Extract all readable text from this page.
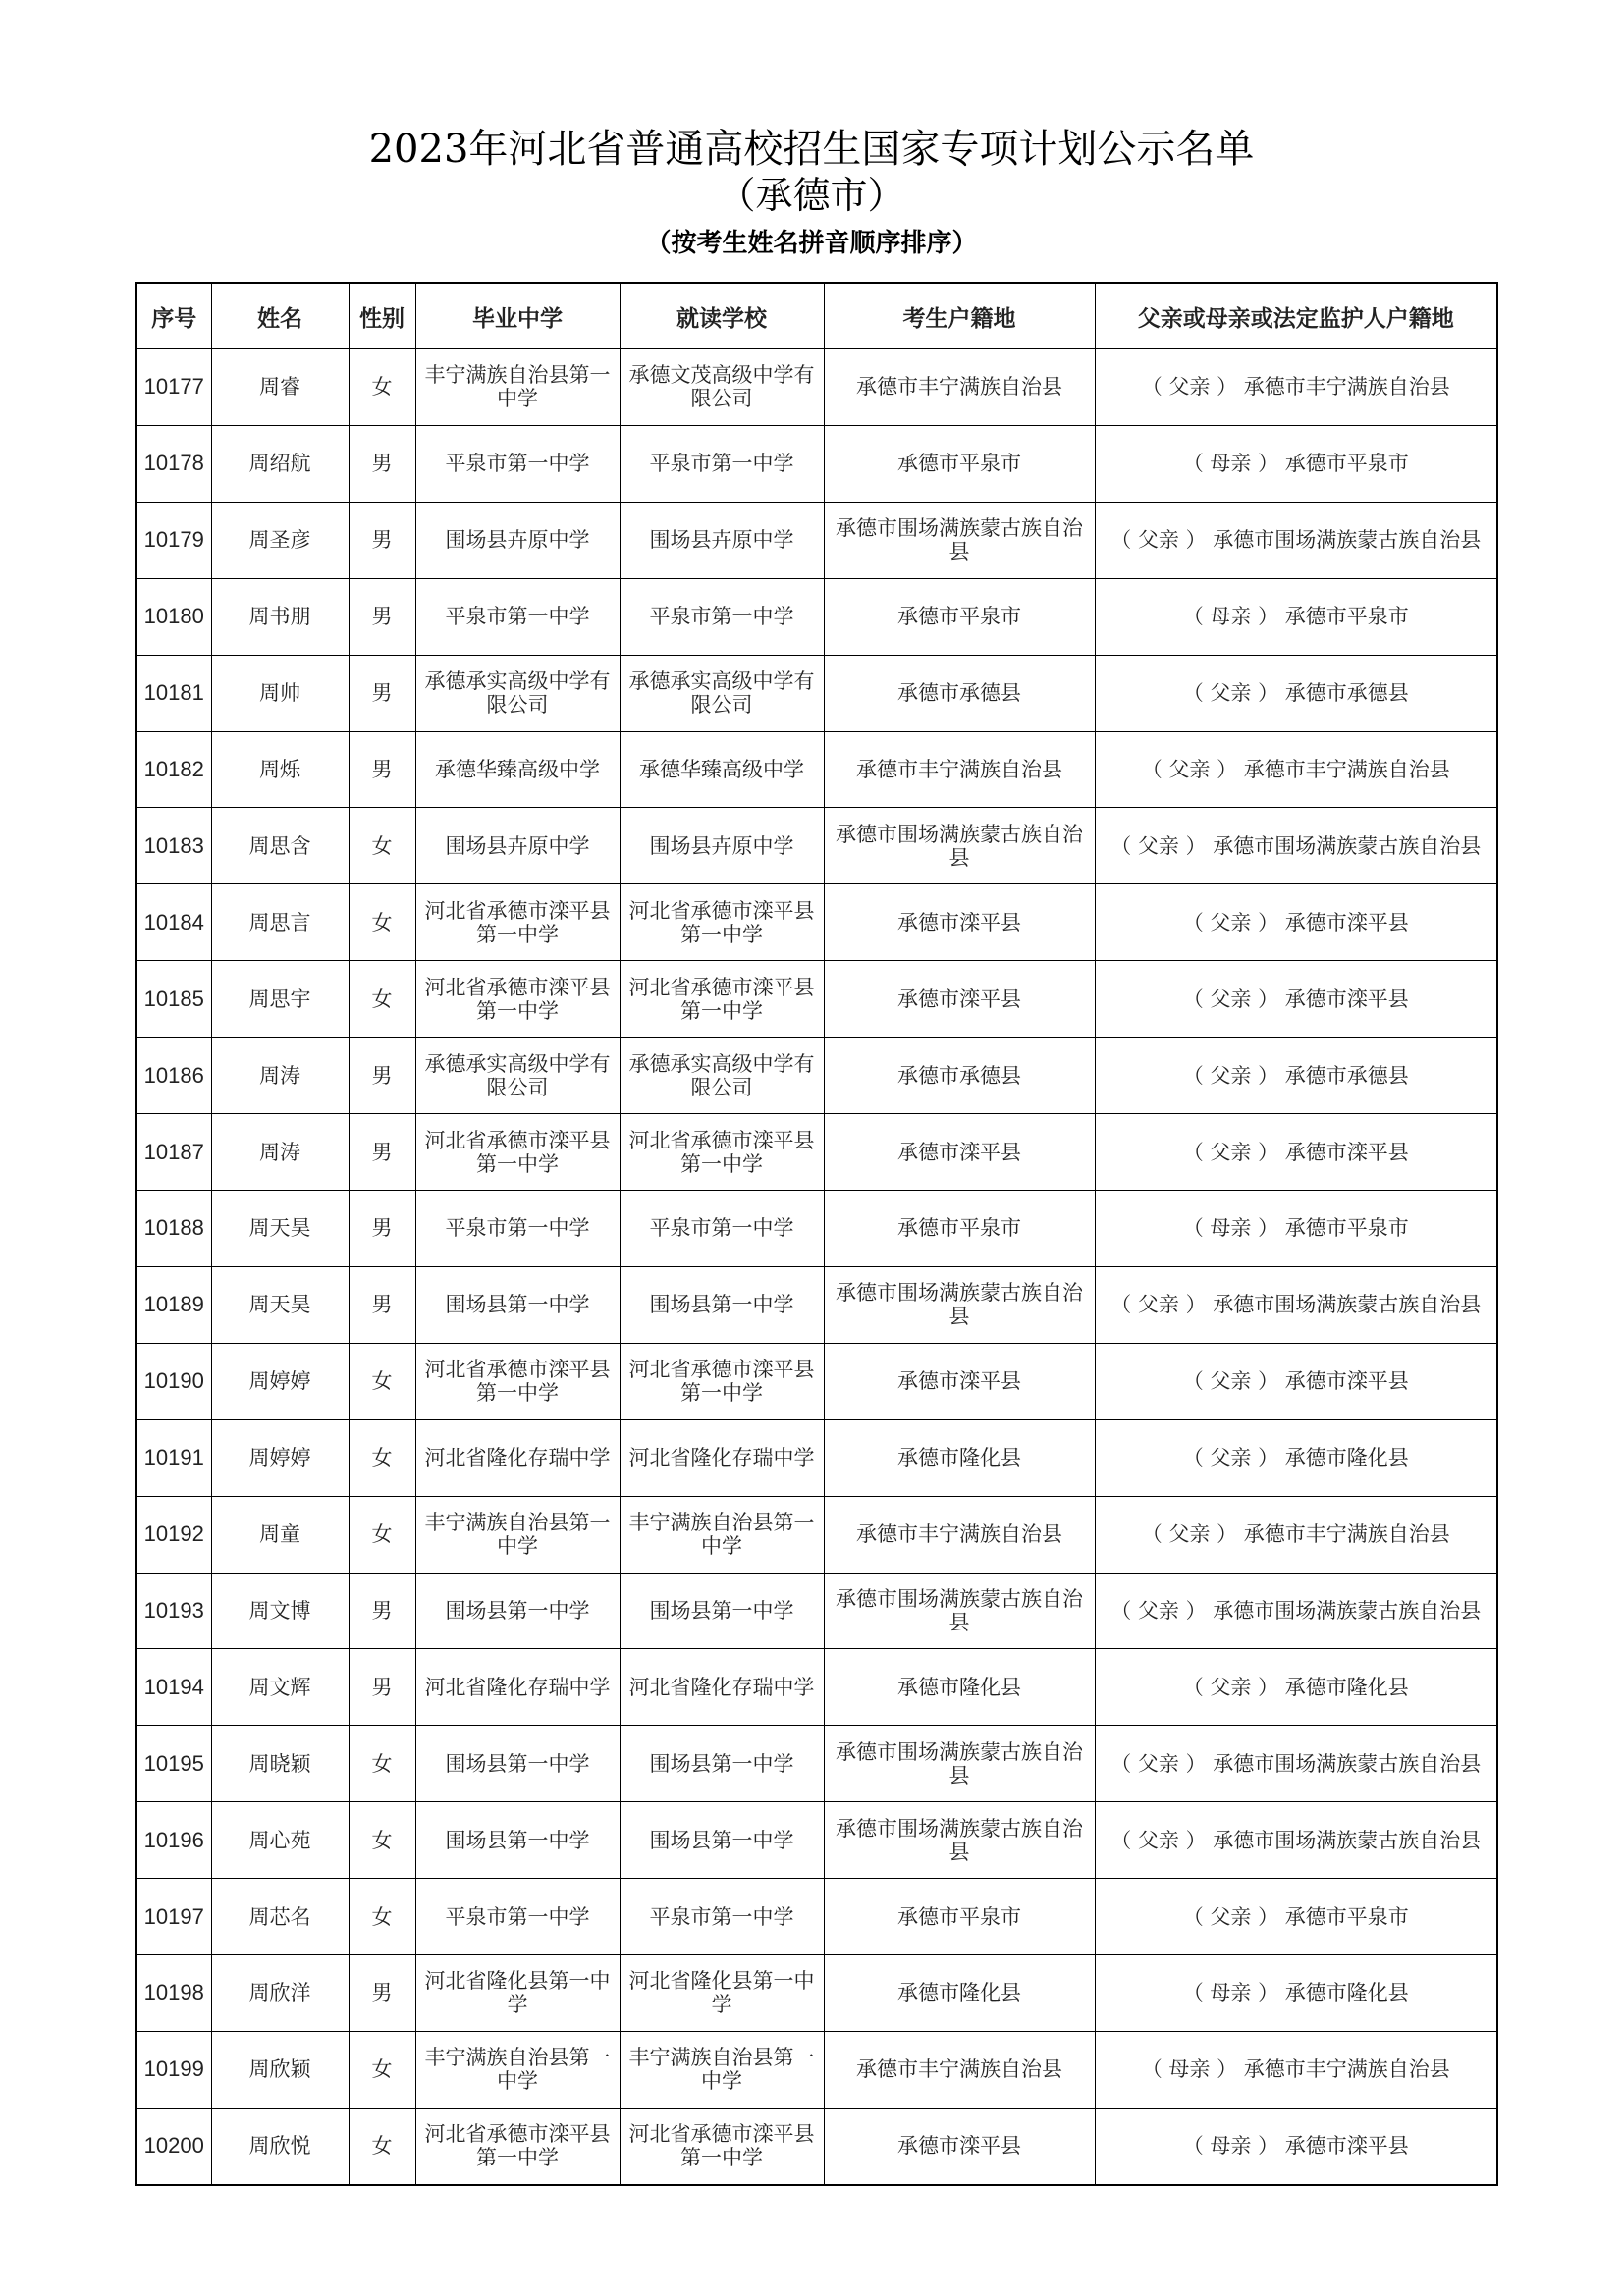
2023年河北省普通高校招生国家专项计划公示名单
（承德市）
（按考生姓名拼音顺序排序）
序号	姓名	性别	毕业中学	就读学校	考生户籍地	父亲或母亲或法定监护人户籍地
10177	周睿	女	丰宁满族自治县第一中学	承德文茂高级中学有限公司	承德市丰宁满族自治县	（ 父亲 ） 承德市丰宁满族自治县
10178	周绍航	男	平泉市第一中学	平泉市第一中学	承德市平泉市	（ 母亲 ） 承德市平泉市
10179	周圣彦	男	围场县卉原中学	围场县卉原中学	承德市围场满族蒙古族自治县	（ 父亲 ） 承德市围场满族蒙古族自治县
10180	周书朋	男	平泉市第一中学	平泉市第一中学	承德市平泉市	（ 母亲 ） 承德市平泉市
10181	周帅	男	承德承实高级中学有限公司	承德承实高级中学有限公司	承德市承德县	（ 父亲 ） 承德市承德县
10182	周烁	男	承德华臻高级中学	承德华臻高级中学	承德市丰宁满族自治县	（ 父亲 ） 承德市丰宁满族自治县
10183	周思含	女	围场县卉原中学	围场县卉原中学	承德市围场满族蒙古族自治县	（ 父亲 ） 承德市围场满族蒙古族自治县
10184	周思言	女	河北省承德市滦平县第一中学	河北省承德市滦平县第一中学	承德市滦平县	（ 父亲 ） 承德市滦平县
10185	周思宇	女	河北省承德市滦平县第一中学	河北省承德市滦平县第一中学	承德市滦平县	（ 父亲 ） 承德市滦平县
10186	周涛	男	承德承实高级中学有限公司	承德承实高级中学有限公司	承德市承德县	（ 父亲 ） 承德市承德县
10187	周涛	男	河北省承德市滦平县第一中学	河北省承德市滦平县第一中学	承德市滦平县	（ 父亲 ） 承德市滦平县
10188	周天昊	男	平泉市第一中学	平泉市第一中学	承德市平泉市	（ 母亲 ） 承德市平泉市
10189	周天昊	男	围场县第一中学	围场县第一中学	承德市围场满族蒙古族自治县	（ 父亲 ） 承德市围场满族蒙古族自治县
10190	周婷婷	女	河北省承德市滦平县第一中学	河北省承德市滦平县第一中学	承德市滦平县	（ 父亲 ） 承德市滦平县
10191	周婷婷	女	河北省隆化存瑞中学	河北省隆化存瑞中学	承德市隆化县	（ 父亲 ） 承德市隆化县
10192	周童	女	丰宁满族自治县第一中学	丰宁满族自治县第一中学	承德市丰宁满族自治县	（ 父亲 ） 承德市丰宁满族自治县
10193	周文博	男	围场县第一中学	围场县第一中学	承德市围场满族蒙古族自治县	（ 父亲 ） 承德市围场满族蒙古族自治县
10194	周文辉	男	河北省隆化存瑞中学	河北省隆化存瑞中学	承德市隆化县	（ 父亲 ） 承德市隆化县
10195	周晓颖	女	围场县第一中学	围场县第一中学	承德市围场满族蒙古族自治县	（ 父亲 ） 承德市围场满族蒙古族自治县
10196	周心苑	女	围场县第一中学	围场县第一中学	承德市围场满族蒙古族自治县	（ 父亲 ） 承德市围场满族蒙古族自治县
10197	周芯名	女	平泉市第一中学	平泉市第一中学	承德市平泉市	（ 父亲 ） 承德市平泉市
10198	周欣洋	男	河北省隆化县第一中学	河北省隆化县第一中学	承德市隆化县	（ 母亲 ） 承德市隆化县
10199	周欣颖	女	丰宁满族自治县第一中学	丰宁满族自治县第一中学	承德市丰宁满族自治县	（ 母亲 ） 承德市丰宁满族自治县
10200	周欣悦	女	河北省承德市滦平县第一中学	河北省承德市滦平县第一中学	承德市滦平县	（ 母亲 ） 承德市滦平县
